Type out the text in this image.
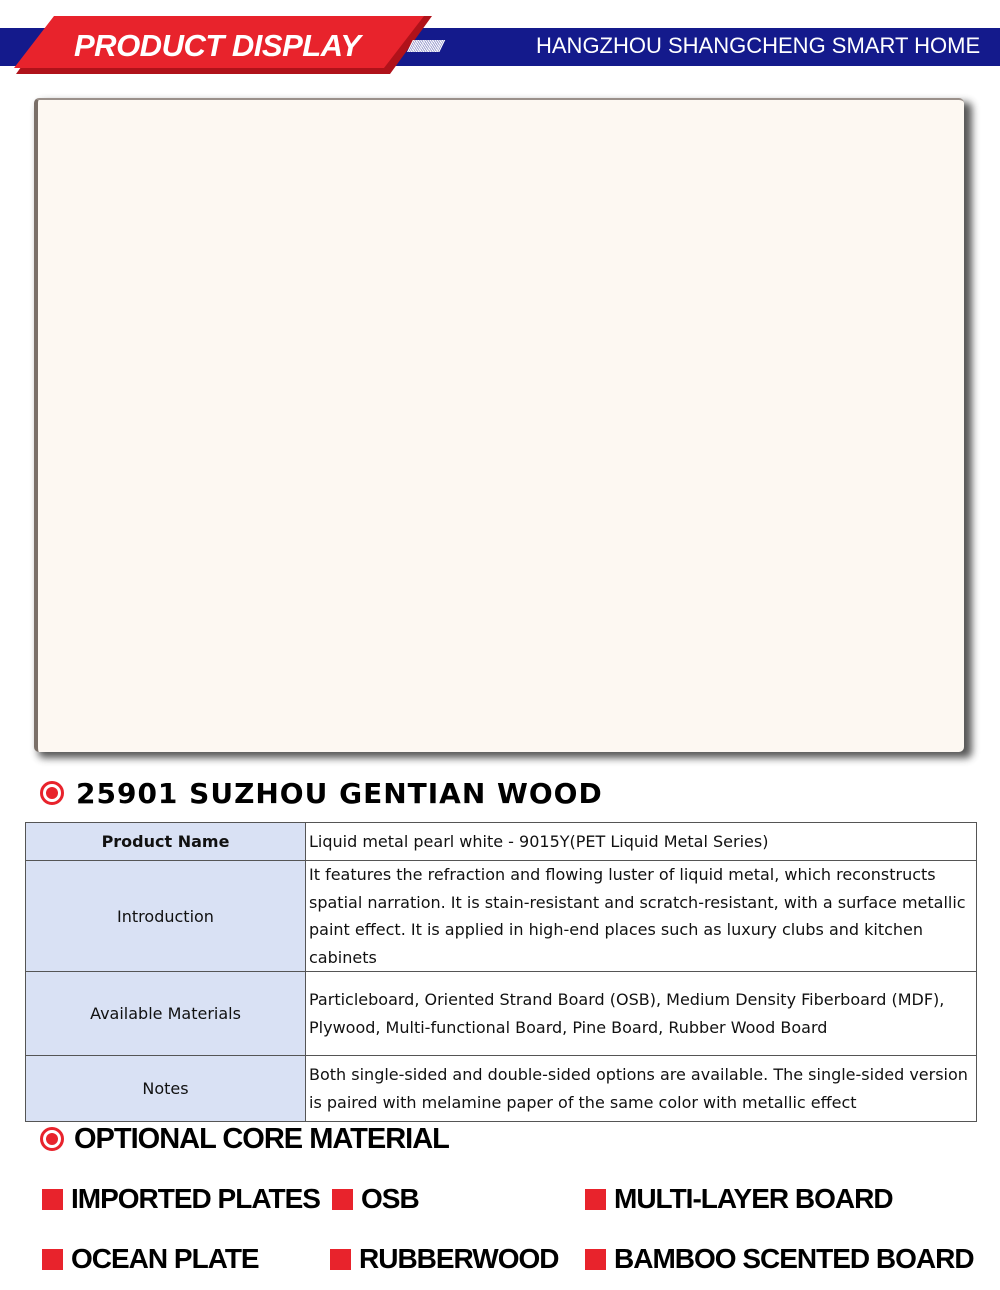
PRODUCT DISPLAY	///////////////////	HANGZHOU SHANGCHENG SMART HOME
25901 SUZHOU GENTIAN WOOD
Product Name	Liquid metal pearl white - 9015Y(PET Liquid Metal Series)
Introduction	It features the refraction and flowing luster of liquid metal, which reconstructs spatial narration. It is stain-resistant and scratch-resistant, with a surface metallic paint effect. It is applied in high-end places such as luxury clubs and kitchen cabinets
Available Materials	Particleboard, Oriented Strand Board (OSB), Medium Density Fiberboard (MDF), Plywood, Multi-functional Board, Pine Board, Rubber Wood Board
Notes	Both single-sided and double-sided options are available. The single-sided version is paired with melamine paper of the same color with metallic effect
OPTIONAL CORE MATERIAL
IMPORTED PLATES OSB	MULTI-LAYER BOARD
OCEAN PLATE	RUBBERWOOD BAMBOO SCENTED BOARD
